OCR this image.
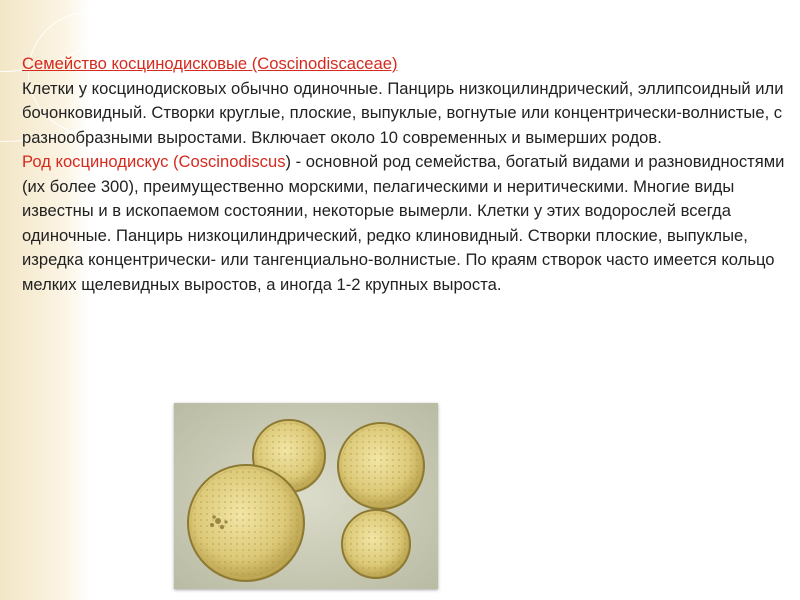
Семейство косцинодисковые (Coscinodiscaceae)

Клетки у косцинодисковых обычно одиночные. Панцирь низкоцилиндрический, эллипсоидный или бочонковидный. Створки круглые, плоские, выпуклые, вогнутые или концентрически-волнистые, с разнообразными выростами. Включает около 10 современных и вымерших родов.

Род косцинодискус (Coscinodiscus) - основной род семейства, богатый видами и разновидностями (их более 300), преимущественно морскими, пелагическими и неритическими. Многие виды известны и в ископаемом состоянии, некоторые вымерли. Клетки у этих водорослей всегда одиночные. Панцирь низкоцилиндрический, редко клиновидный. Створки плоские, выпуклые, изредка концентрически- или тангенциально-волнистые. По краям створок часто имеется кольцо мелких щелевидных выростов, а иногда 1-2 крупных выроста.
